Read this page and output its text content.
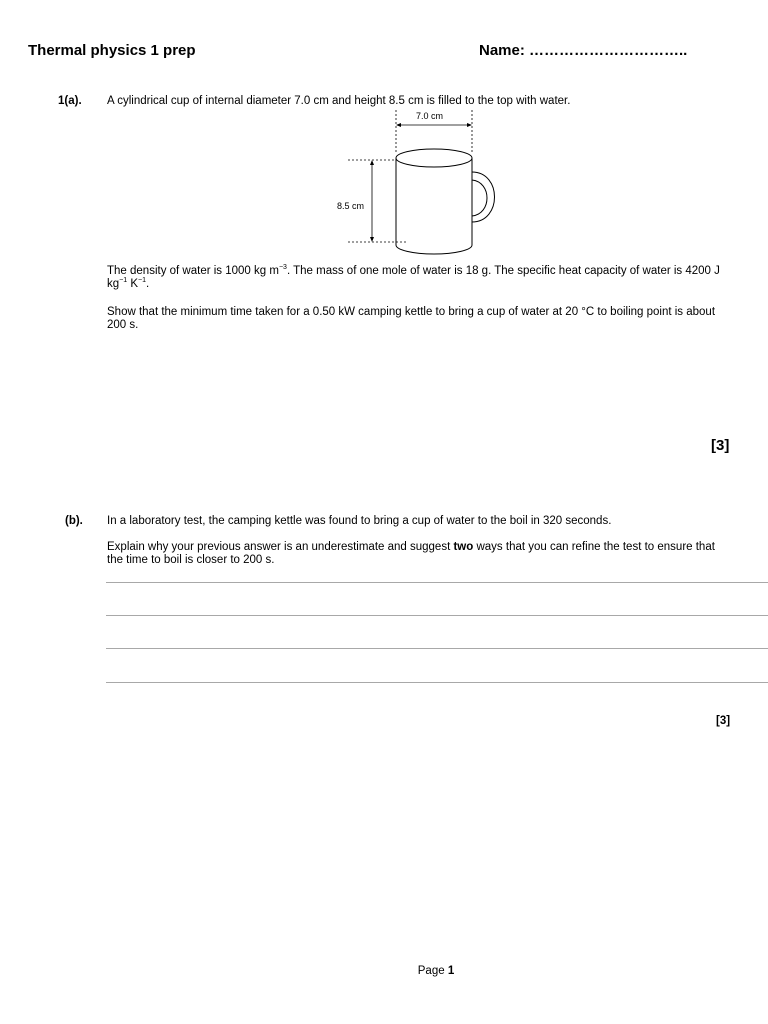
Thermal physics 1 prep	Name: …………………………..
1(a). A cylindrical cup of internal diameter 7.0 cm and height 8.5 cm is filled to the top with water.
7.0 cm
8.5 cm
The density of water is 1000 kg $m^{-3}$. The mass of one mole of water is 18 g. The specific heat capacity of water is 4200 J $kg^{-1}$ $K^{-1}$.
Show that the minimum time taken for a 0.50 kW camping kettle to bring a cup of water at 20 °C to boiling point is about 200 s.
[3]
(b). In a laboratory test, the camping kettle was found to bring a cup of water to the boil in 320 seconds.
Explain why your previous answer is an underestimate and suggest two ways that you can refine the test to ensure that the time to boil is closer to 200 s.
[3]
Page 1
